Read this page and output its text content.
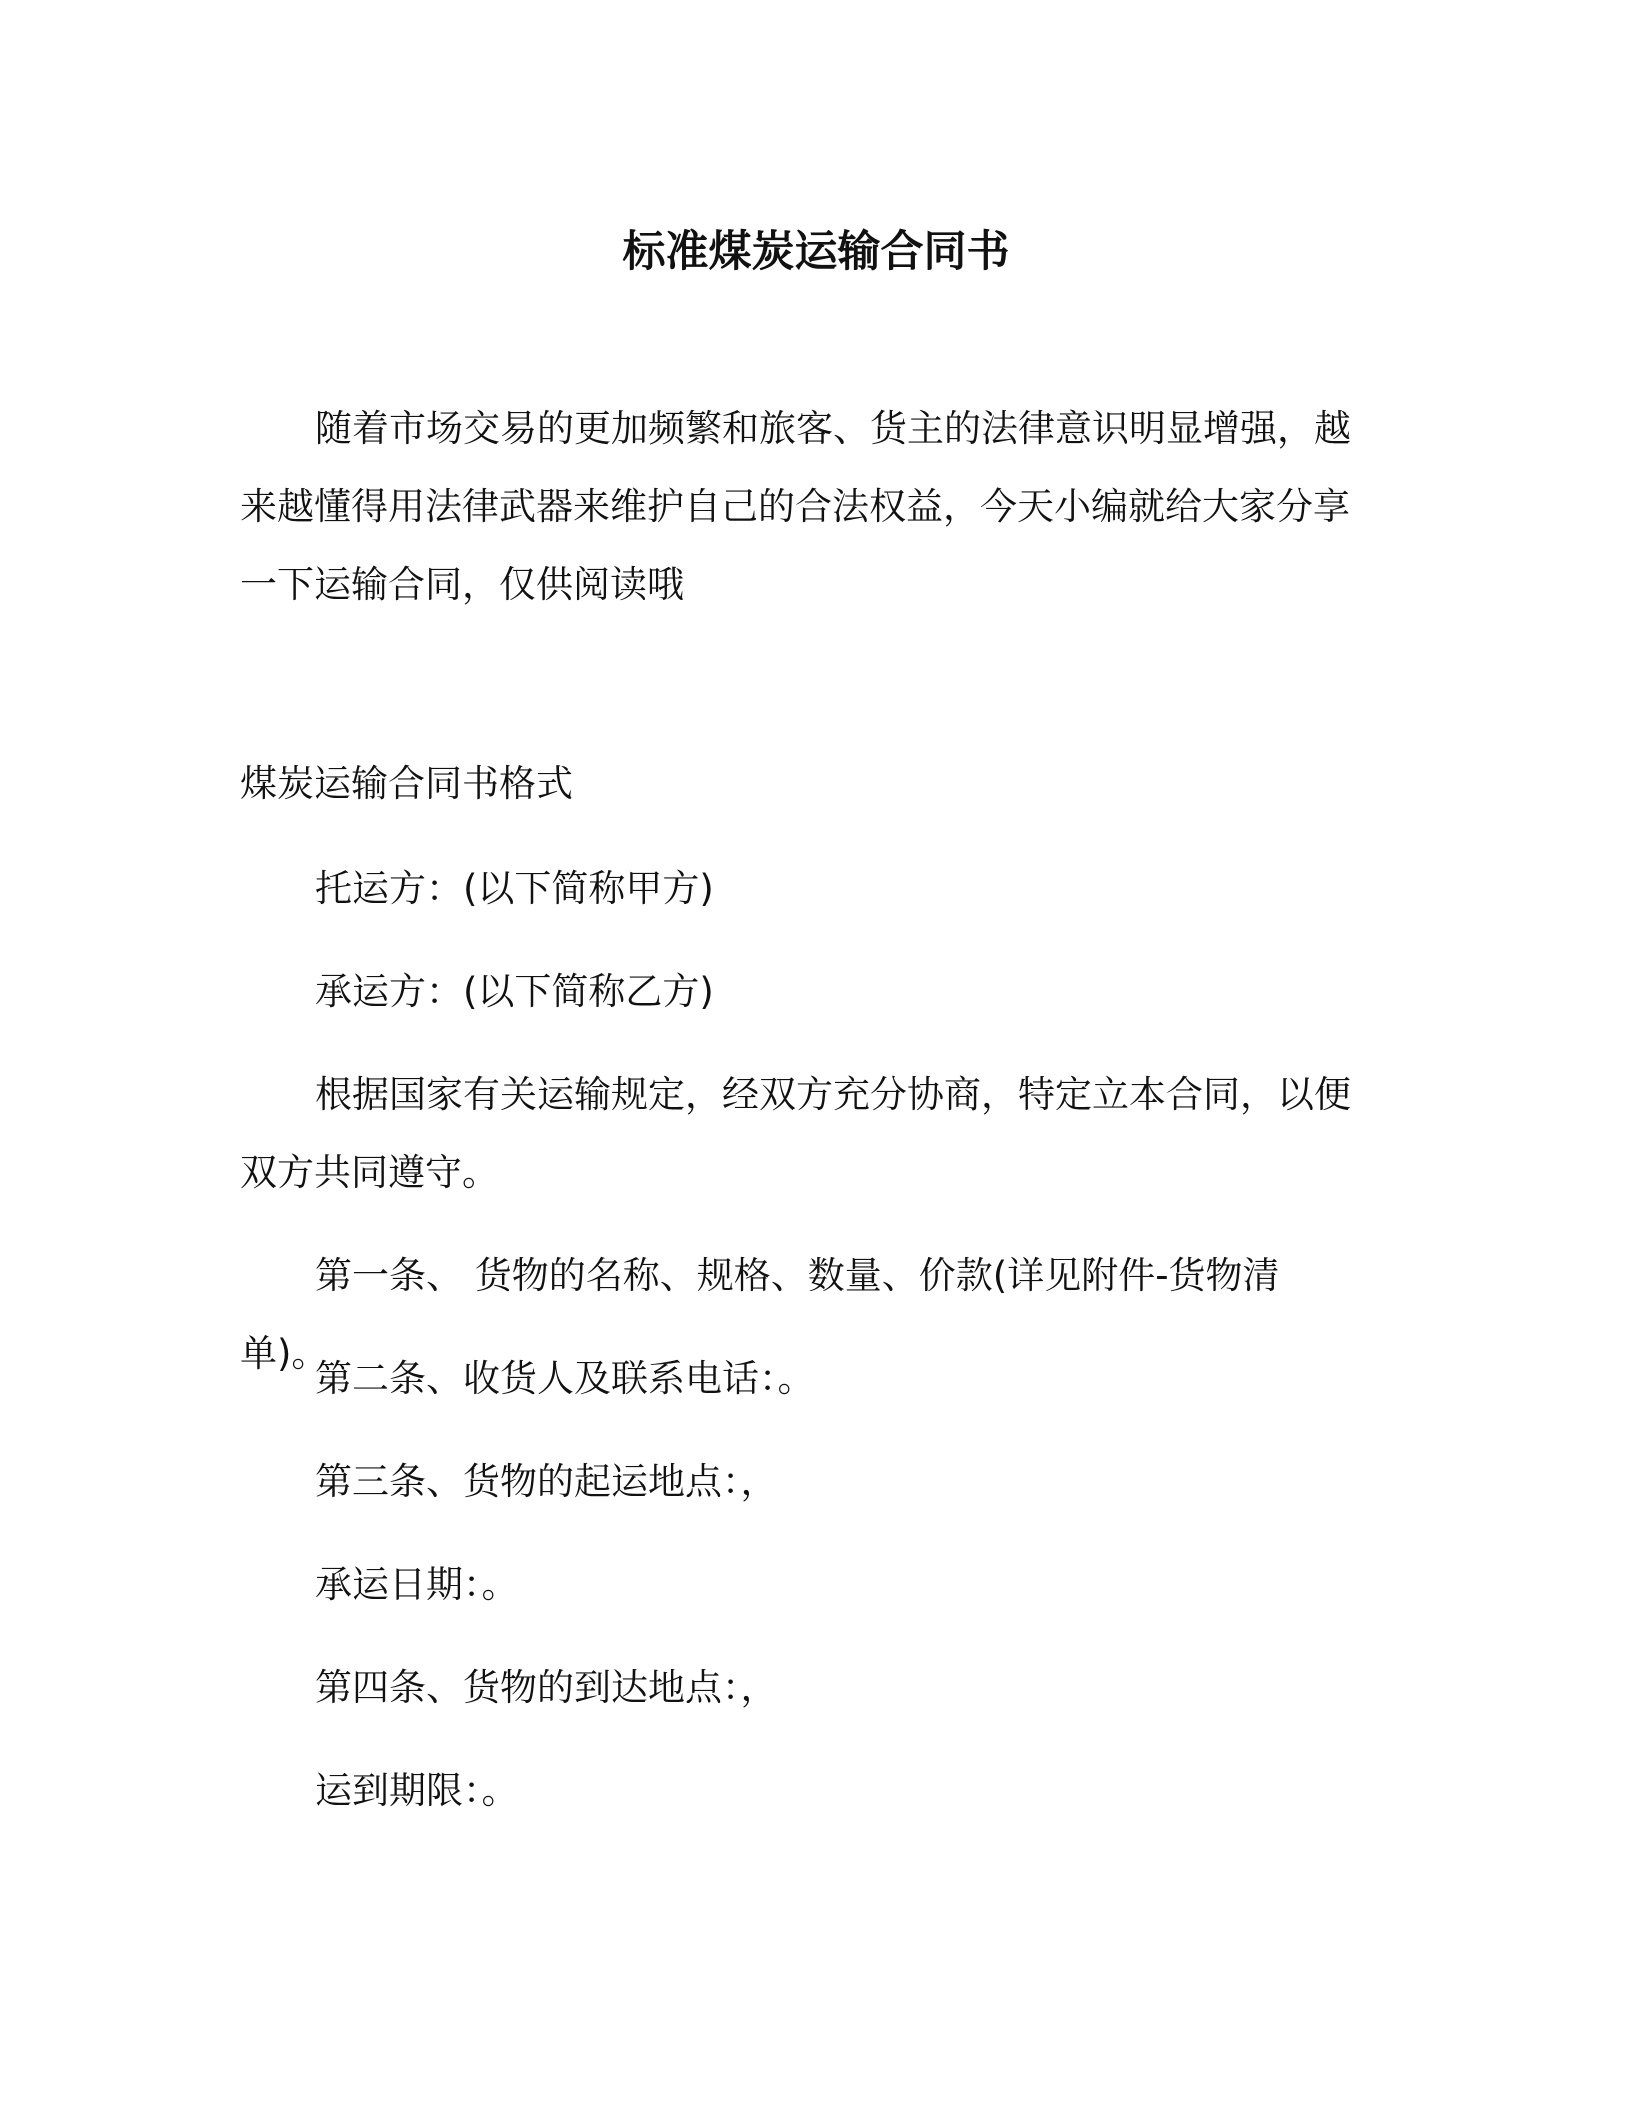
标准煤炭运输合同书

随着市场交易的更加频繁和旅客、货主的法律意识明显增强，越来越懂得用法律武器来维护自己的合法权益，今天小编就给大家分享一下运输合同，仅供阅读哦

煤炭运输合同书格式

托运方：(以下简称甲方)

承运方：(以下简称乙方)

根据国家有关运输规定，经双方充分协商，特定立本合同，以便双方共同遵守。

第一条、 货物的名称、规格、数量、价款(详见附件-货物清单)。

第二条、收货人及联系电话：。

第三条、货物的起运地点：，

承运日期：。

第四条、货物的到达地点：，

运到期限：。
